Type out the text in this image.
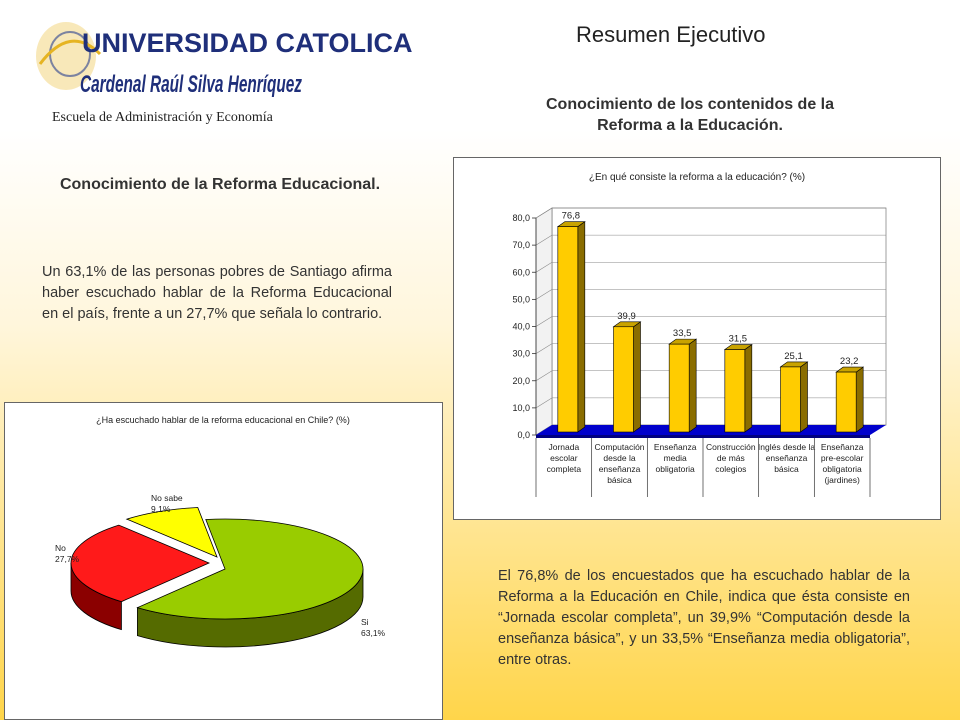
UNIVERSIDAD CATOLICA
Cardenal Raúl Silva Henríquez
Escuela de Administración y Economía
Resumen Ejecutivo
Conocimiento de los contenidos de la
Reforma a la Educación.
Conocimiento de la Reforma Educacional.
Un 63,1% de las personas pobres de Santiago afirma haber escuchado hablar de la Reforma Educacional en el país, frente a un 27,7% que señala lo contrario.
El 76,8% de los encuestados que ha escuchado hablar de la Reforma a la Educación en Chile, indica que ésta consiste en “Jornada escolar completa”, un 39,9% “Computación desde la enseñanza básica”, y un 33,5% “Enseñanza media obligatoria”, entre otras.
¿En qué consiste la reforma a la educación? (%)
0,0
10,0
20,0
30,0
40,0
50,0
60,0
70,0
80,0	76,8
Jornada escolar completa
39,9
Computación desde la enseñanza básica
33,5
Enseñanza media obligatoria
31,5
Construcción de más colegios
25,1
Inglés desde la enseñanza básica
23,2
Enseñanza pre-escolar obligatoria (jardines)
¿Ha escuchado hablar de la reforma educacional en Chile? (%)
Si 63,1%
No 27,7%
No sabe 9,1%
